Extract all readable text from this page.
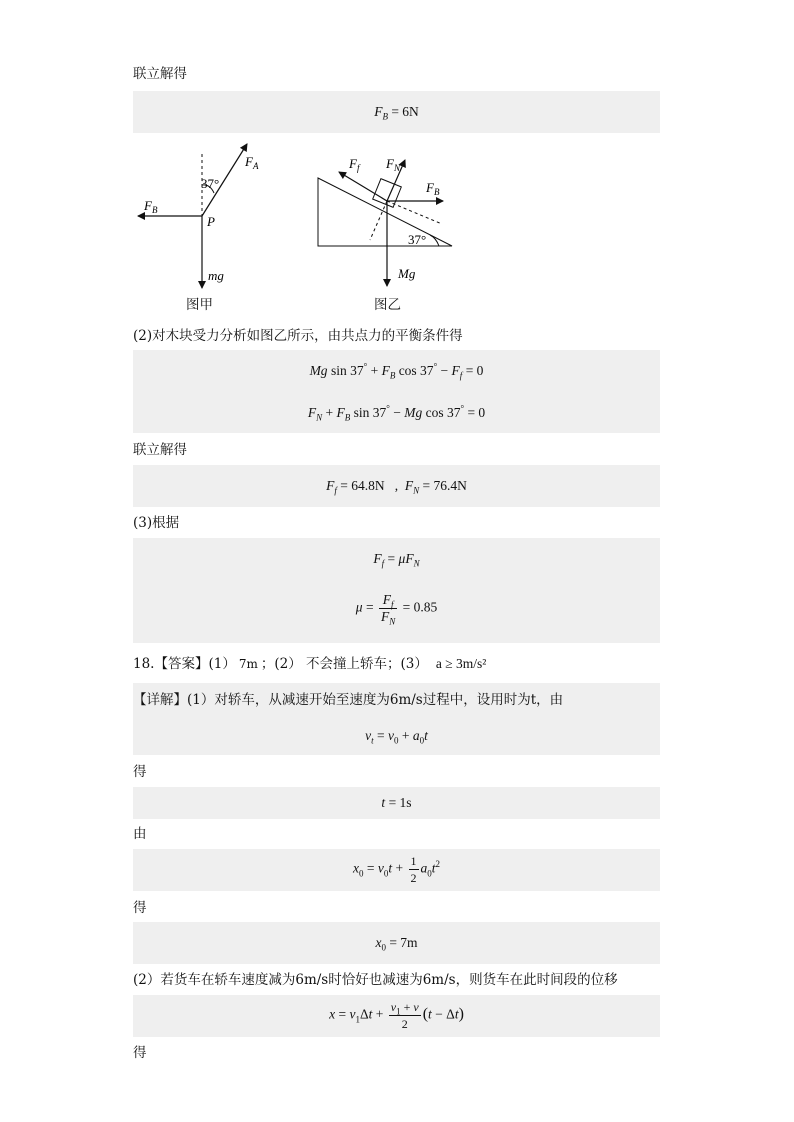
联立解得
$F_B = 6N$
37°
$F_A$
$F_B$
P
mg
37°
$F_f$ $F_N$
$F_B$
Mg
图甲	图乙
(2)对木块受力分析如图乙所示，由共点力的平衡条件得
Mg $\sin 37^\circ + F_B$ $\cos 37^\circ - F_f = 0$
$F_N + F_B$ sin 37° − Mg cos 37° = 0
联立解得
$F_f = 64.8N$   ,  $F_N = 76.4N$
(3)根据
$F_f = \mu F_N$
$\mu = \frac{F_f}{F_N} = 0.85$
18.【答案】(1） 7m ；(2） 不会撞上轿车；(3） a ≥ 3m/s²
【详解】(1）对轿车，从减速开始至速度为6m/s过程中，设用时为t，由
$v_t = v_0 + a_0t$
得
t = 1s
由
$x_0 = v_0t + \frac{1}{2} a_0t^2$
得
$x_0 = 7m$
(2）若货车在轿车速度减为6m/s时恰好也减速为6m/s，则货车在此时间段的位移
$x = v_1\Delta t + \frac{v_1 + v}{2} (t - \Delta t)$
得
